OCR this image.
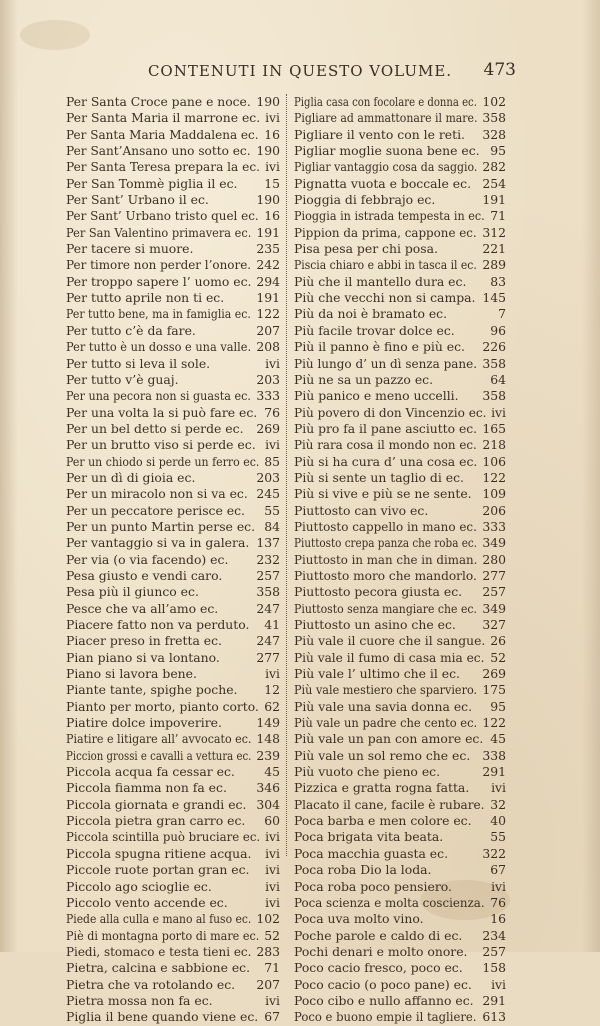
CONTENUTI IN QUESTO VOLUME.	473
Per Santa Croce pane e noce. 190
Per Santa Maria il marrone ec. ivi
Per Santa Maria Maddalena ec. 16
Per Sant’Ansano uno sotto ec. 190
Per Santa Teresa prepara la ec. ivi
Per San Tommè piglia il ec. 15
Per Sant’ Urbano il ec.	190
Per Sant’ Urbano tristo quel ec. 16
Per San Valentino primavera ec. 191
Per tacere si muore.	235
Per timore non perder l’onore. 242
Per troppo sapere l’ uomo ec. 294
Per tutto aprile non ti ec.	191
Per tutto bene, ma in famiglia ec. 122
Per tutto c’è da fare.	207
Per tutto è un dosso e una valle. 208
Per tutto si leva il sole.	ivi
Per tutto v’è guaj.	203
Per una pecora non si guasta ec. 333
Per una volta la si può fare ec. 76
Per un bel detto si perde ec. 269
Per un brutto viso si perde ec. ivi
Per un chiodo si perde un ferro ec. 85
Per un dì di gioia ec.	203
Per un miracolo non si va ec. 245
Per un peccatore perisce ec. 55
Per un punto Martin perse ec. 84
Per vantaggio si va in galera. 137
Per via (o via facendo) ec. 232
Pesa giusto e vendi caro.	257
Pesa più il giunco ec.	358
Pesce che va all’amo ec.	247
Piacere fatto non va perduto. 41
Piacer preso in fretta ec.	247
Pian piano si va lontano.	277
Piano si lavora bene.	ivi
Piante tante, spighe poche. 12
Pianto per morto, pianto corto. 62
Piatire dolce impoverire.	149
Piatire e litigare all’ avvocato ec. 148
Piccion grossi e cavalli a vettura ec. 239
Piccola acqua fa cessar ec. 45
Piccola fiamma non fa ec. 346
Piccola giornata e grandi ec. 304
Piccola pietra gran carro ec. 60
Piccola scintilla può bruciare ec. ivi
Piccola spugna ritiene acqua. ivi
Piccole ruote portan gran ec. ivi
Piccolo ago scioglie ec.	ivi
Piccolo vento accende ec.	ivi
Piede alla culla e mano al fuso ec. 102
Piè di montagna porto di mare ec. 52
Piedi, stomaco e testa tieni ec. 283
Pietra, calcina e sabbione ec. 71
Pietra che va rotolando ec. 207
Pietra mossa non fa ec.	ivi
Piglia il bene quando viene ec. 67
Piglia casa con focolare e donna ec. 102
Pigliare ad ammattonare il mare. 358
Pigliare il vento con le reti. 328
Pigliar moglie suona bene ec. 95
Pigliar vantaggio cosa da saggio. 282
Pignatta vuota e boccale ec. 254
Pioggia di febbrajo ec.	191
Pioggia in istrada tempesta in ec. 71
Pippion da prima, cappone ec. 312
Pisa pesa per chi posa.	221
Piscia chiaro e abbi in tasca il ec. 289
Più che il mantello dura ec. 83
Più che vecchi non si campa. 145
Più da noi è bramato ec.	7
Più facile trovar dolce ec.	96
Più il panno è fino e più ec. 226
Più lungo d’ un dì senza pane. 358
Più ne sa un pazzo ec.	64
Più panico e meno uccelli. 358
Più povero di don Vincenzio ec. ivi
Più pro fa il pane asciutto ec. 165
Più rara cosa il mondo non ec. 218
Più si ha cura d’ una cosa ec. 106
Più si sente un taglio di ec. 122
Più si vive e più se ne sente. 109
Piuttosto can vivo ec.	206
Piuttosto cappello in mano ec. 333
Piuttosto crepa panza che roba ec. 349
Piuttosto in man che in diman. 280
Piuttosto moro che mandorlo. 277
Piuttosto pecora giusta ec. 257
Piuttosto senza mangiare che ec. 349
Piuttosto un asino che ec. 327
Più vale il cuore che il sangue. 26
Più vale il fumo di casa mia ec. 52
Più vale l’ ultimo che il ec. 269
Più vale mestiero che sparviero. 175
Più vale una savia donna ec. 95
Più vale un padre che cento ec. 122
Più vale un pan con amore ec. 45
Più vale un sol remo che ec. 338
Più vuoto che pieno ec.	291
Pizzica e gratta rogna fatta. ivi
Placato il cane, facile è rubare. 32
Poca barba e men colore ec. 40
Poca brigata vita beata.	55
Poca macchia guasta ec.	322
Poca roba Dio la loda.	67
Poca roba poco pensiero.	ivi
Poca scienza e molta coscienza. 76
Poca uva molto vino.	16
Poche parole e caldo di ec. 234
Pochi denari e molto onore. 257
Poco cacio fresco, poco ec. 158
Poco cacio (o poco pane) ec. ivi
Poco cibo e nullo affanno ec. 291
Poco e buono empie il tagliere. 613
